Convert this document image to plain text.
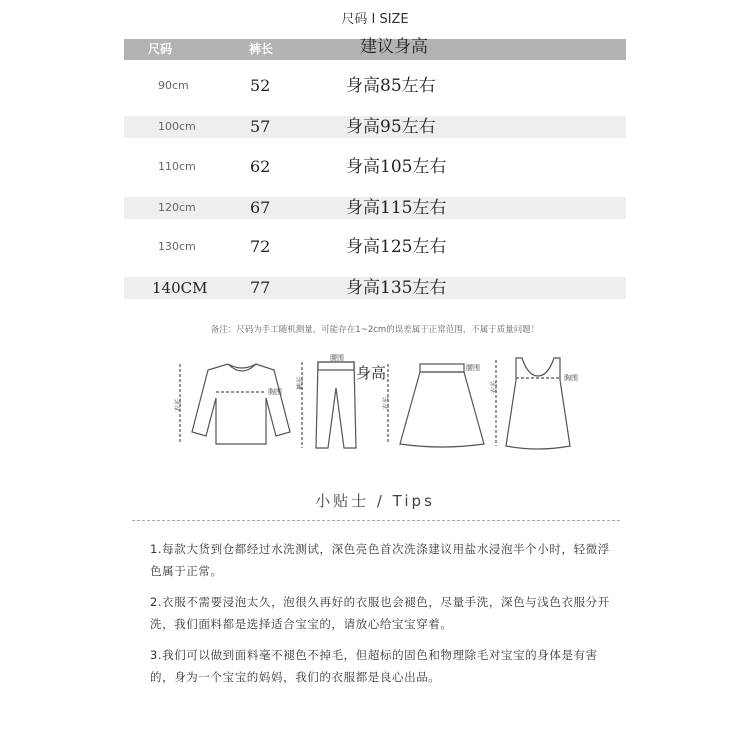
尺码 I SIZE
尺码	裤长	建议身高
90cm	52	身高85左右
100cm	57	身高95左右
110cm	62	身高105左右
120cm	67	身高115左右
130cm	72	身高125左右
140CM	77	身高135左右
备注：尺码为手工随机测量，可能存在1~2cm的误差属于正常范围，不属于质量问题！
胸围
衣长
腰围
裤长
腰围
衣长
胸围
衣长
身高
小贴士 / Tips
1.每款大货到仓都经过水洗测试，深色亮色首次洗涤建议用盐水浸泡半个小时，轻微浮色属于正常。
2.衣服不需要浸泡太久，泡很久再好的衣服也会褪色，尽量手洗，深色与浅色衣服分开洗，我们面料都是选择适合宝宝的，请放心给宝宝穿着。
3.我们可以做到面料毫不褪色不掉毛，但超标的固色和物理除毛对宝宝的身体是有害的，身为一个宝宝的妈妈，我们的衣服都是良心出品。
